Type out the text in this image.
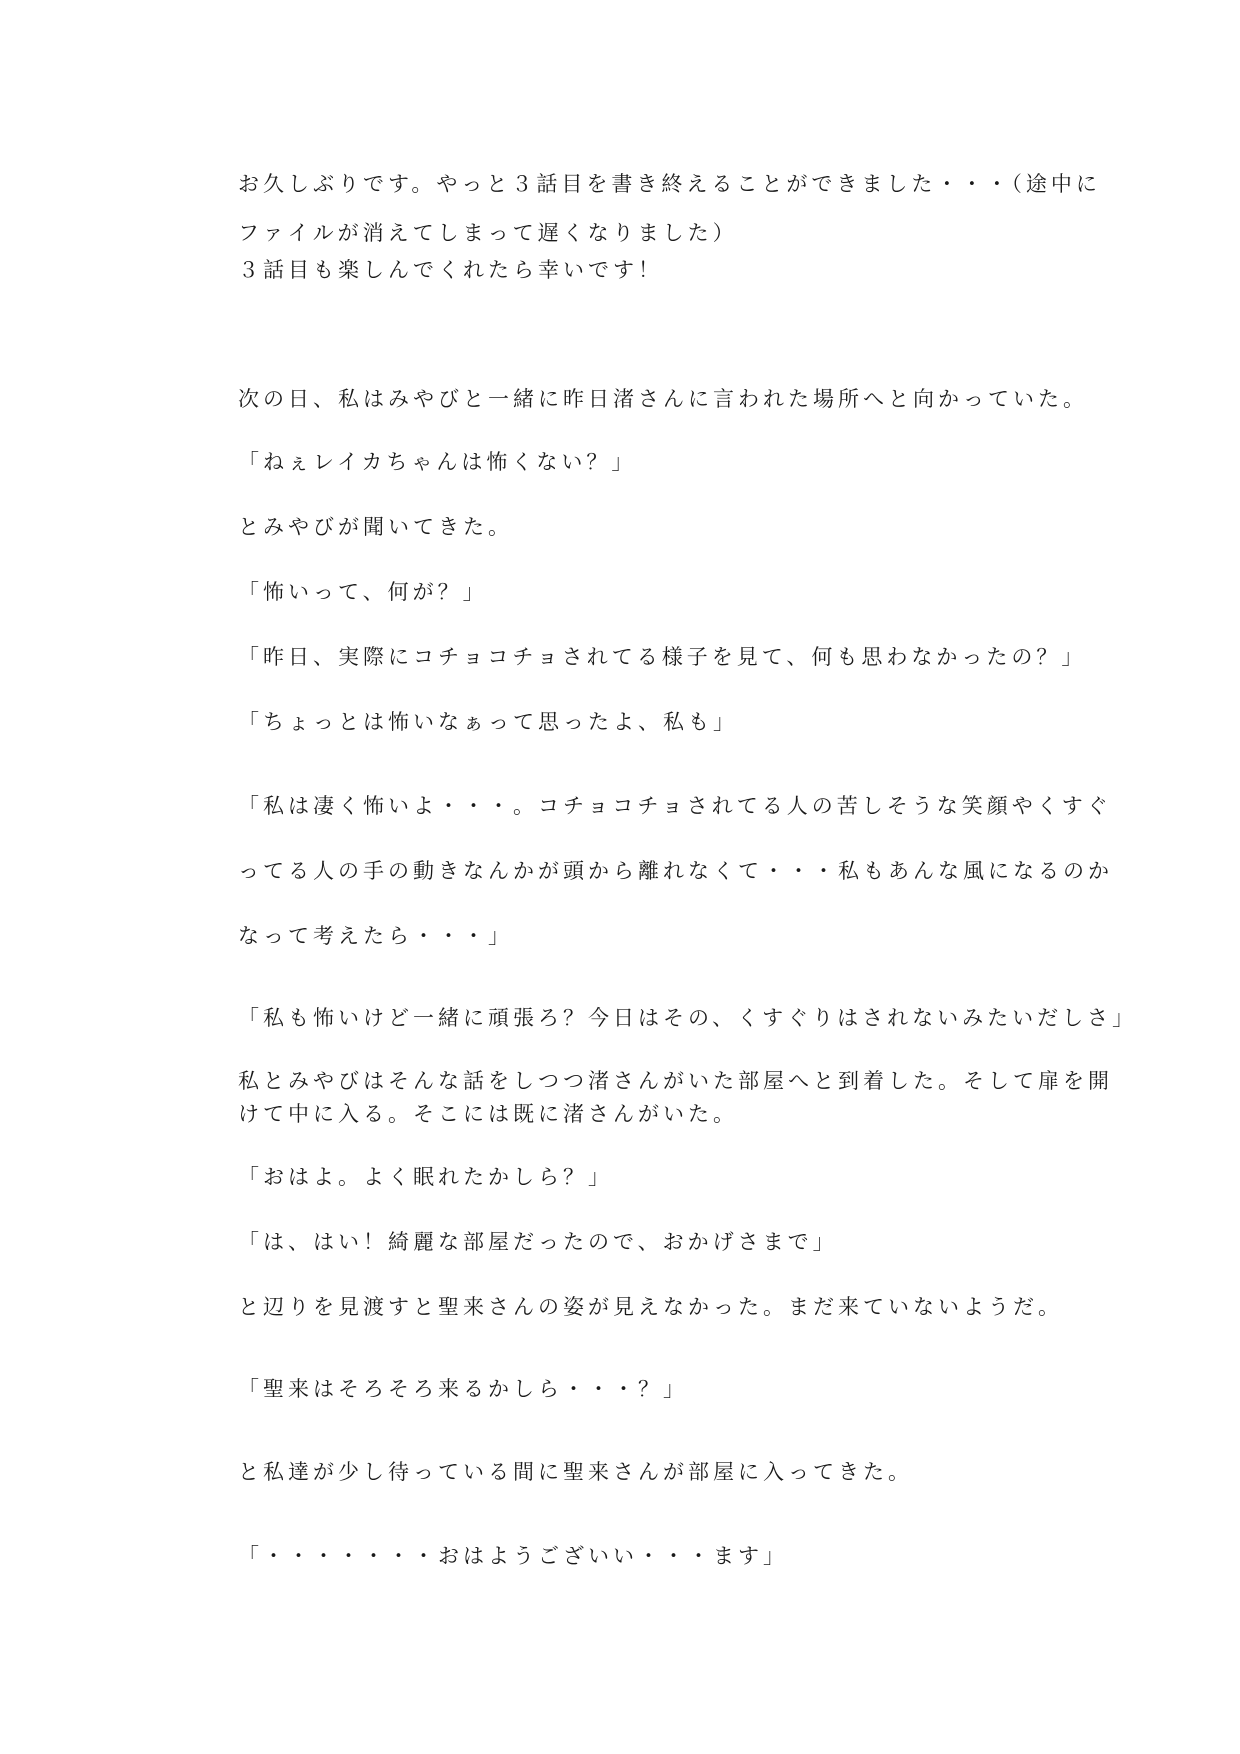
お久しぶりです。やっと３話目を書き終えることができました・・・（途中に
ファイルが消えてしまって遅くなりました）
３話目も楽しんでくれたら幸いです！
次の日、私はみやびと一緒に昨日渚さんに言われた場所へと向かっていた。
「ねぇレイカちゃんは怖くない？」
とみやびが聞いてきた。
「怖いって、何が？」
「昨日、実際にコチョコチョされてる様子を見て、何も思わなかったの？」
「ちょっとは怖いなぁって思ったよ、私も」
「私は凄く怖いよ・・・。コチョコチョされてる人の苦しそうな笑顔やくすぐ
ってる人の手の動きなんかが頭から離れなくて・・・私もあんな風になるのか
なって考えたら・・・」
「私も怖いけど一緒に頑張ろ？今日はその、くすぐりはされないみたいだしさ」
私とみやびはそんな話をしつつ渚さんがいた部屋へと到着した。そして扉を開
けて中に入る。そこには既に渚さんがいた。
「おはよ。よく眠れたかしら？」
「は、はい！綺麗な部屋だったので、おかげさまで」
と辺りを見渡すと聖来さんの姿が見えなかった。まだ来ていないようだ。
「聖来はそろそろ来るかしら・・・？」
と私達が少し待っている間に聖来さんが部屋に入ってきた。
「・・・・・・・おはようございい・・・ます」
